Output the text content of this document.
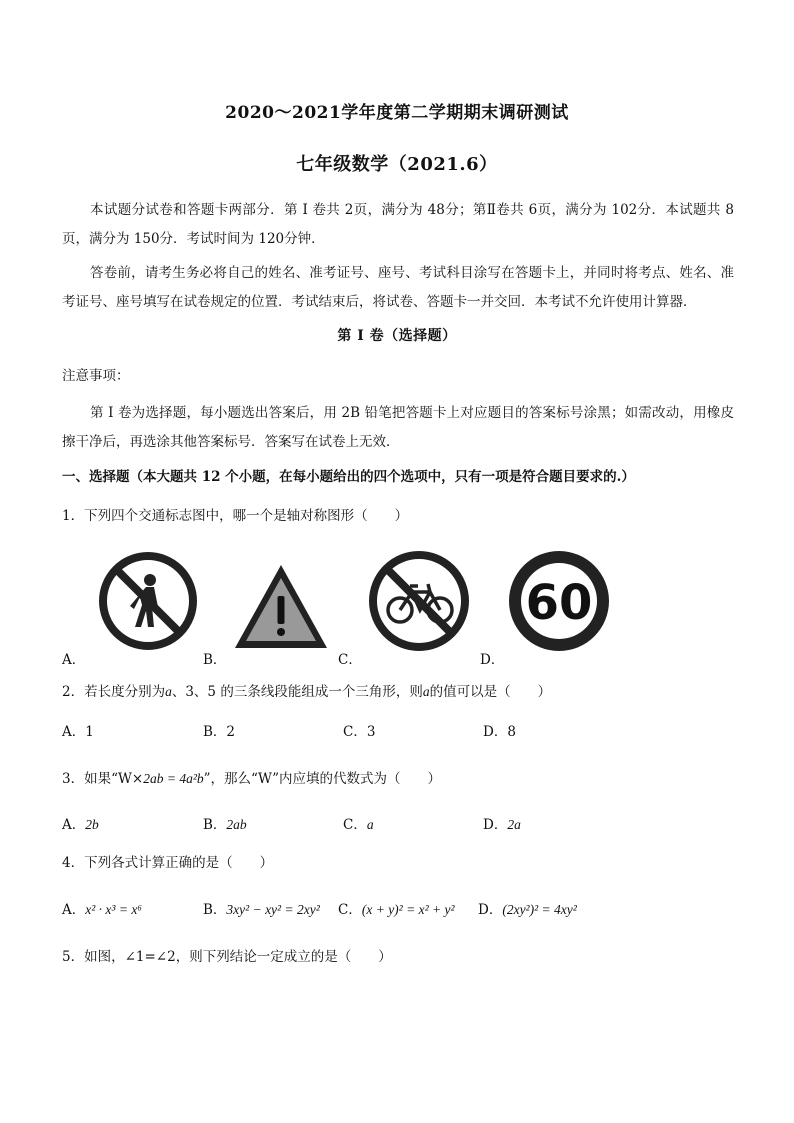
2020～2021学年度第二学期期末调研测试
七年级数学（2021.6）
本试题分试卷和答题卡两部分．第 I 卷共 2页，满分为 48分；第Ⅱ卷共 6页，满分为 102分．本试题共 8页，满分为 150分．考试时间为 120分钟．
答卷前，请考生务必将自己的姓名、准考证号、座号、考试科目涂写在答题卡上，并同时将考点、姓名、准考证号、座号填写在试卷规定的位置．考试结束后，将试卷、答题卡一并交回．本考试不允许使用计算器．
第 I 卷（选择题）
注意事项：
第 I 卷为选择题，每小题选出答案后，用 2B 铅笔把答题卡上对应题目的答案标号涂黑；如需改动，用橡皮擦干净后，再选涂其他答案标号．答案写在试卷上无效．
一、选择题（本大题共 12 个小题，在每小题给出的四个选项中，只有一项是符合题目要求的.）
1．下列四个交通标志图中，哪一个是轴对称图形（　　）
60
A．	B．	C．	D．
2．若长度分别为a、3、5 的三条线段能组成一个三角形，则a的值可以是（　　）
A．1	B．2	C．3	D．8
3．如果“W×2ab = 4a²b”，那么“W”内应填的代数式为（　　）
A．2b	B．2ab	C．a	D．2a
4．下列各式计算正确的是（　　）
A．x² · x³ = x⁶	B．3xy² − xy² = 2xy² C．(x + y)² = x² + y² D．(2xy²)² = 4xy²
5．如图，∠1=∠2，则下列结论一定成立的是（　　）
